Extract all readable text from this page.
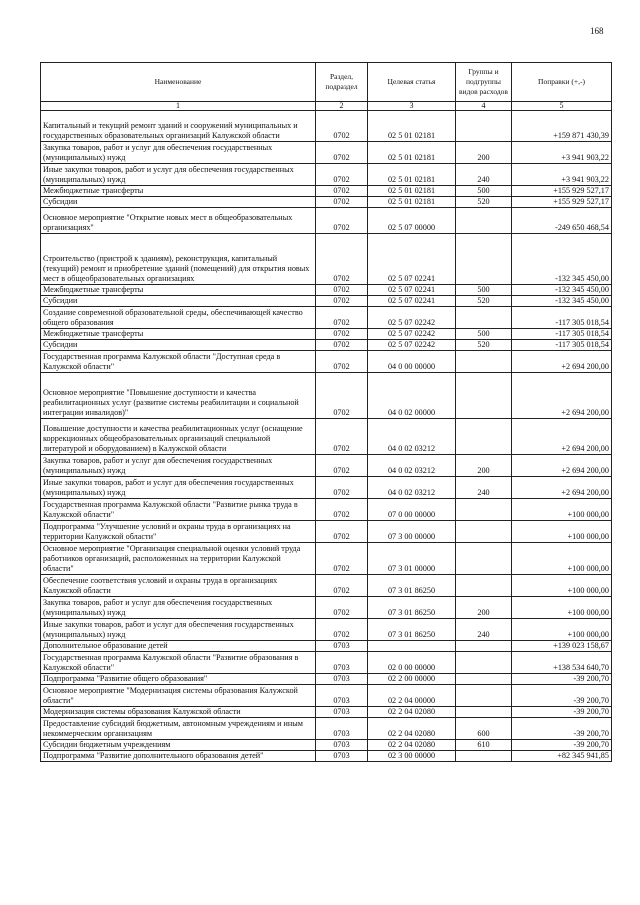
168
Наименование	Раздел, подраздел	Целевая статья	Группы и подгруппы видов расходов	Поправки (+,-)
1	2	3	4	5
Капитальный и текущий ремонт зданий и сооружений муниципальных и государственных образовательных организаций Калужской области	0702	02 5 01 02181		+159 871 430,39
Закупка товаров, работ и услуг для обеспечения государственных (муниципальных) нужд	0702	02 5 01 02181	200	+3 941 903,22
Иные закупки товаров, работ и услуг для обеспечения государственных (муниципальных) нужд	0702	02 5 01 02181	240	+3 941 903,22
Межбюджетные трансферты	0702	02 5 01 02181	500	+155 929 527,17
Субсидии	0702	02 5 01 02181	520	+155 929 527,17
Основное мероприятие "Открытие новых мест в общеобразовательных организациях"	0702	02 5 07 00000		-249 650 468,54
Строительство (пристрой к зданиям), реконструкция, капитальный (текущий) ремонт и приобретение зданий (помещений) для открытия новых мест в общеобразовательных организациях	0702	02 5 07 02241		-132 345 450,00
Межбюджетные трансферты	0702	02 5 07 02241	500	-132 345 450,00
Субсидии	0702	02 5 07 02241	520	-132 345 450,00
Создание современной образовательной среды, обеспечивающей качество общего образования	0702	02 5 07 02242		-117 305 018,54
Межбюджетные трансферты	0702	02 5 07 02242	500	-117 305 018,54
Субсидии	0702	02 5 07 02242	520	-117 305 018,54
Государственная программа Калужской области "Доступная среда в Калужской области"	0702	04 0 00 00000		+2 694 200,00
Основное мероприятие "Повышение доступности и качества реабилитационных услуг (развитие системы реабилитации и социальной интеграции инвалидов)"	0702	04 0 02 00000		+2 694 200,00
Повышение доступности и качества реабилитационных услуг (оснащение коррекционных общеобразовательных организаций специальной литературой и оборудованием) в Калужской области	0702	04 0 02 03212		+2 694 200,00
Закупка товаров, работ и услуг для обеспечения государственных (муниципальных) нужд	0702	04 0 02 03212	200	+2 694 200,00
Иные закупки товаров, работ и услуг для обеспечения государственных (муниципальных) нужд	0702	04 0 02 03212	240	+2 694 200,00
Государственная программа Калужской области "Развитие рынка труда в Калужской области"	0702	07 0 00 00000		+100 000,00
Подпрограмма "Улучшение условий и охраны труда в организациях на территории Калужской области"	0702	07 3 00 00000		+100 000,00
Основное мероприятие "Организация специальной оценки условий труда работников организаций, расположенных на территории Калужской области"	0702	07 3 01 00000		+100 000,00
Обеспечение соответствия условий и охраны труда в организациях Калужской области	0702	07 3 01 86250		+100 000,00
Закупка товаров, работ и услуг для обеспечения государственных (муниципальных) нужд	0702	07 3 01 86250	200	+100 000,00
Иные закупки товаров, работ и услуг для обеспечения государственных (муниципальных) нужд	0702	07 3 01 86250	240	+100 000,00
Дополнительное образование детей	0703			+139 023 158,67
Государственная программа Калужской области "Развитие образования в Калужской области"	0703	02 0 00 00000		+138 534 640,70
Подпрограмма "Развитие общего образования"	0703	02 2 00 00000		-39 200,70
Основное мероприятие "Модернизация системы образования Калужской области"	0703	02 2 04 00000		-39 200,70
Модернизация системы образования Калужской области	0703	02 2 04 02080		-39 200,70
Предоставление субсидий бюджетным, автономным учреждениям и иным некоммерческим организациям	0703	02 2 04 02080	600	-39 200,70
Субсидии бюджетным учреждениям	0703	02 2 04 02080	610	-39 200,70
Подпрограмма "Развитие дополнительного образования детей"	0703	02 3 00 00000		+82 345 941,85
